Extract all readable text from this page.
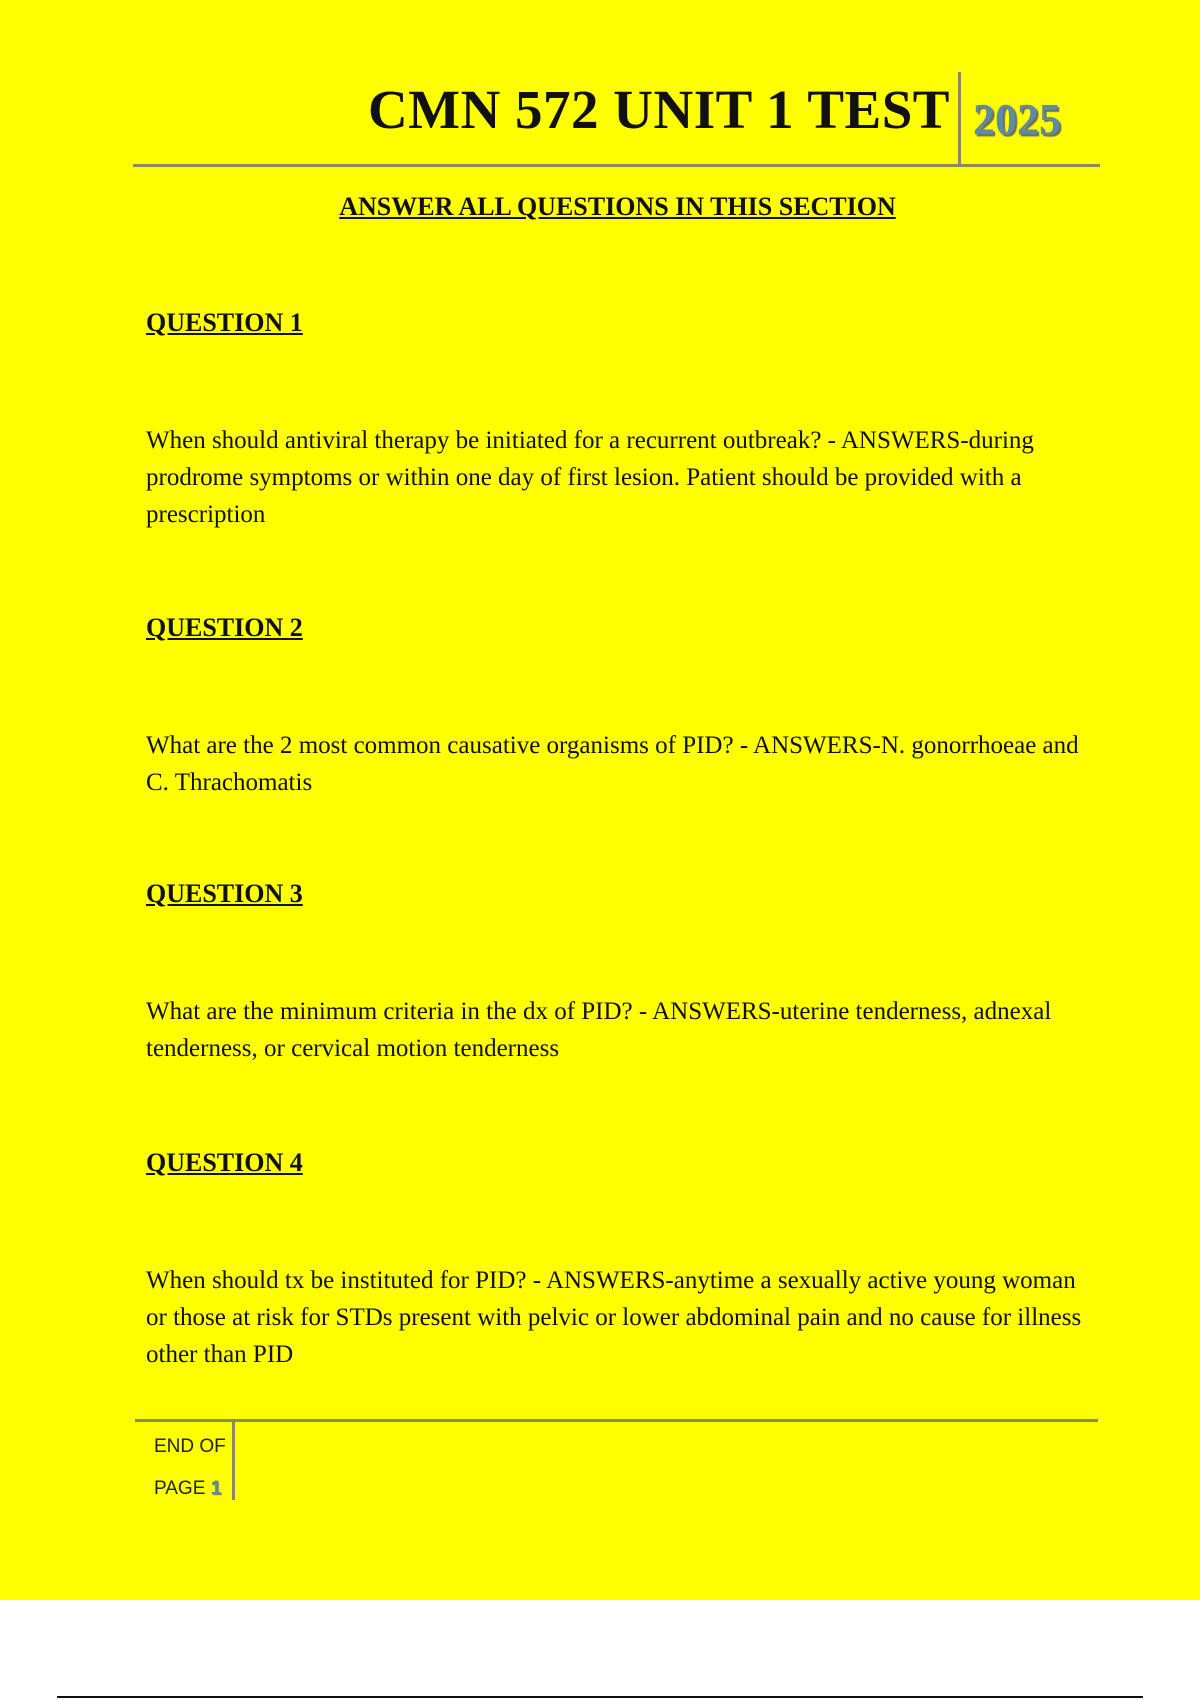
CMN 572 UNIT 1 TEST 2025
ANSWER ALL QUESTIONS IN THIS SECTION
QUESTION 1
When should antiviral therapy be initiated for a recurrent outbreak? - ANSWERS-during prodrome symptoms or within one day of first lesion. Patient should be provided with a prescription
QUESTION 2
What are the 2 most common causative organisms of PID? - ANSWERS-N. gonorrhoeae and C. Thrachomatis
QUESTION 3
What are the minimum criteria in the dx of PID? - ANSWERS-uterine tenderness, adnexal tenderness, or cervical motion tenderness
QUESTION 4
When should tx be instituted for PID? - ANSWERS-anytime a sexually active young woman or those at risk for STDs present with pelvic or lower abdominal pain and no cause for illness other than PID
END OF
PAGE 1
